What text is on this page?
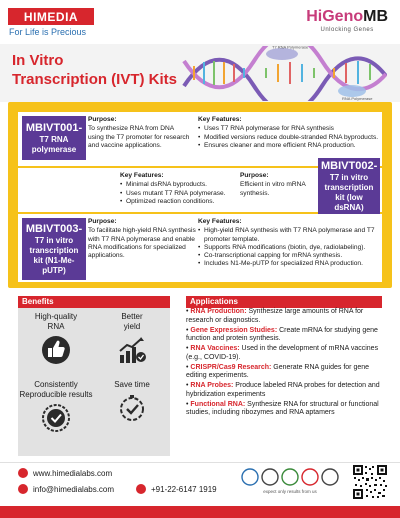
HIMEDIA
For Life is Precious
HiGenoMB
Unlocking Genes
In Vitro
Transcription (IVT) Kits
T7 RNA Polymerase
RNA Polymerase
MBIVT001-
T7 RNA polymerase
Purpose:
To synthesize RNA from DNA using the T7 promoter for research and vaccine applications.
Key Features:
• Uses T7 RNA polymerase for RNA synthesis
• Modified versions reduce double-stranded RNA byproducts.
• Ensures cleaner and more efficient RNA production.
Key Features:
• Minimal dsRNA byproducts.
• Uses mutant T7 RNA polymerase.
• Optimized reaction conditions.
Purpose:
Efficient in vitro mRNA synthesis.
MBIVT002-
T7 in vitro transcription kit (low dsRNA)
MBIVT003-
T7 in vitro transcription kit (N1-Me-pUTP)
Purpose:
To facilitate high-yield RNA synthesis with T7 RNA polymerase and enable RNA modifications for specialized applications.
Key Features:
• High-yield RNA synthesis with T7 RNA polymerase and T7 promoter template.
• Supports RNA modifications (biotin, dye, radiolabeling).
• Co-transcriptional capping for mRNA synthesis.
• Includes N1-Me-pUTP for specialized RNA production.
Benefits
High-quality RNA
Better yield
Consistently Reproducible results
Save time
Applications
• RNA Production: Synthesize large amounts of RNA for research or diagnostics.
• Gene Expression Studies: Create mRNA for studying gene function and protein synthesis.
• RNA Vaccines: Used in the development of mRNA vaccines (e.g., COVID-19).
• CRISPR/Cas9 Research: Generate RNA guides for gene editing experiments.
• RNA Probes: Produce labeled RNA probes for detection and hybridization experiments
• Functional RNA: Synthesize RNA for structural or functional studies, including ribozymes and RNA aptamers
www.himedialabs.com
info@himedialabs.com	+91-22-6147 1919	expect only results from us
